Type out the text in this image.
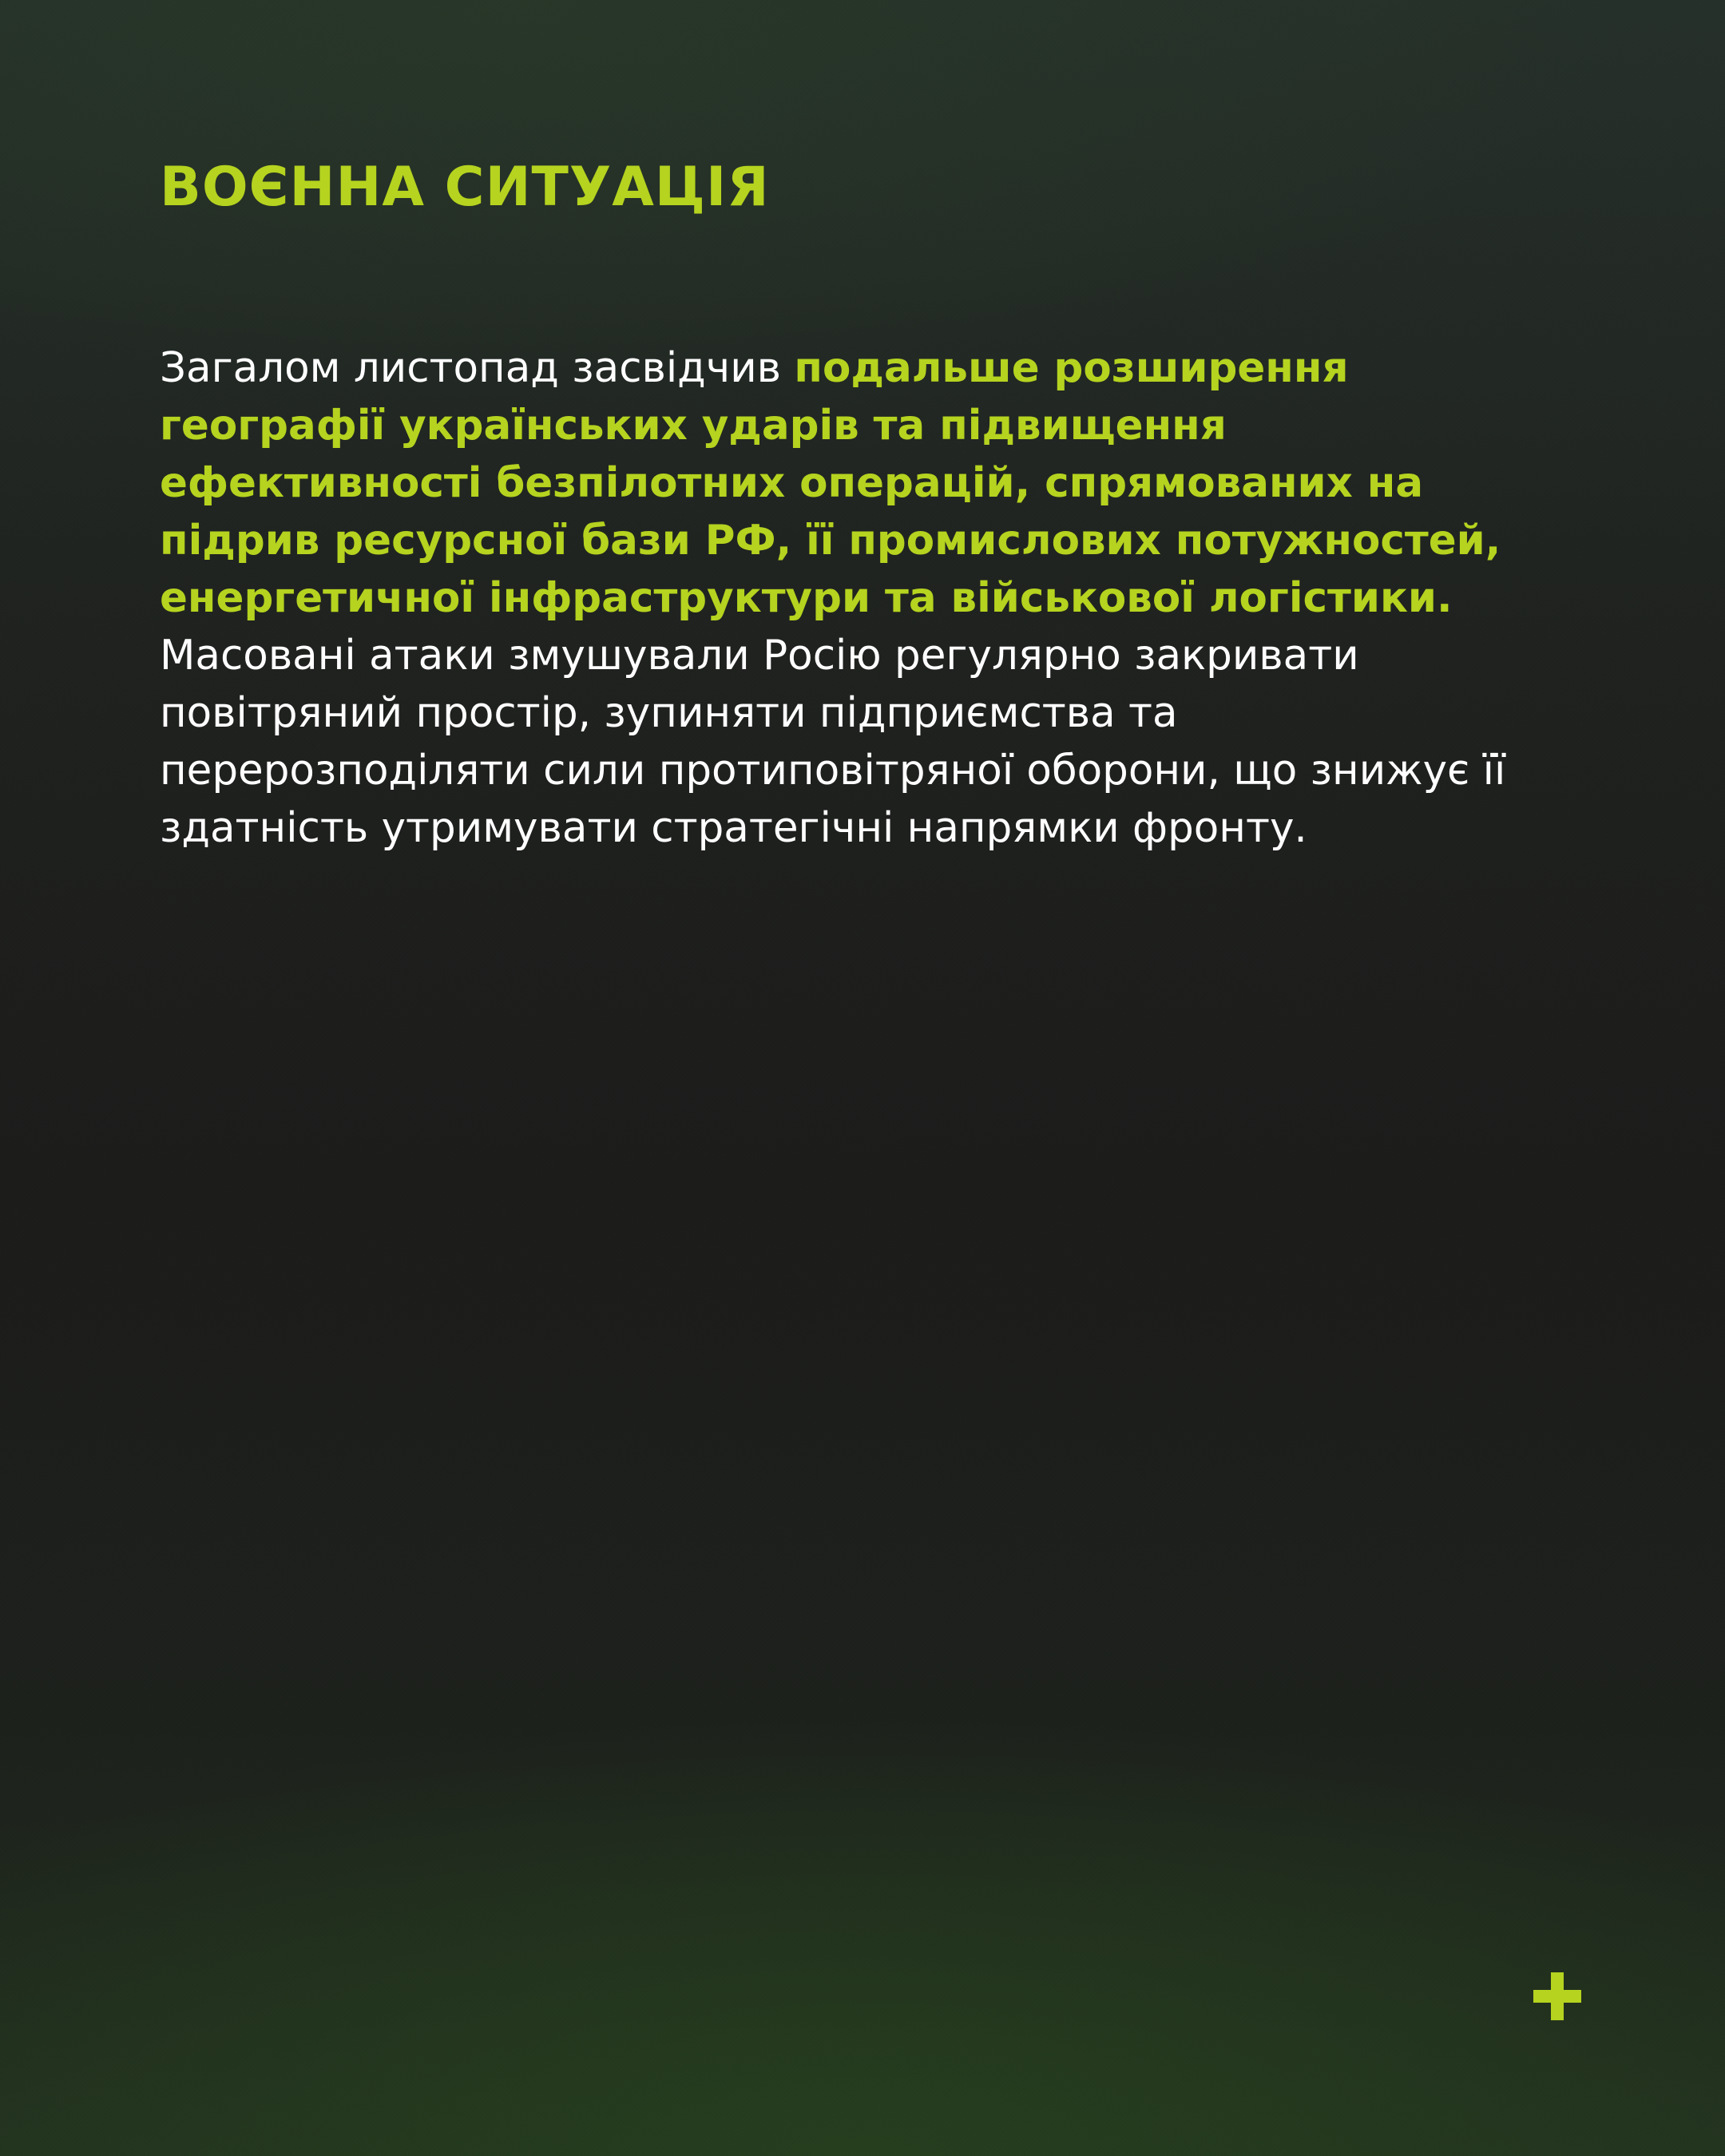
ВОЄННА СИТУАЦІЯ

Загалом листопад засвідчив подальше розширення географії українських ударів та підвищення ефективності безпілотних операцій, спрямованих на підрив ресурсної бази РФ, її промислових потужностей, енергетичної інфраструктури та військової логістики. Масовані атаки змушували Росію регулярно закривати повітряний простір, зупиняти підприємства та перерозподіляти сили протиповітряної оборони, що знижує її здатність утримувати стратегічні напрямки фронту.
